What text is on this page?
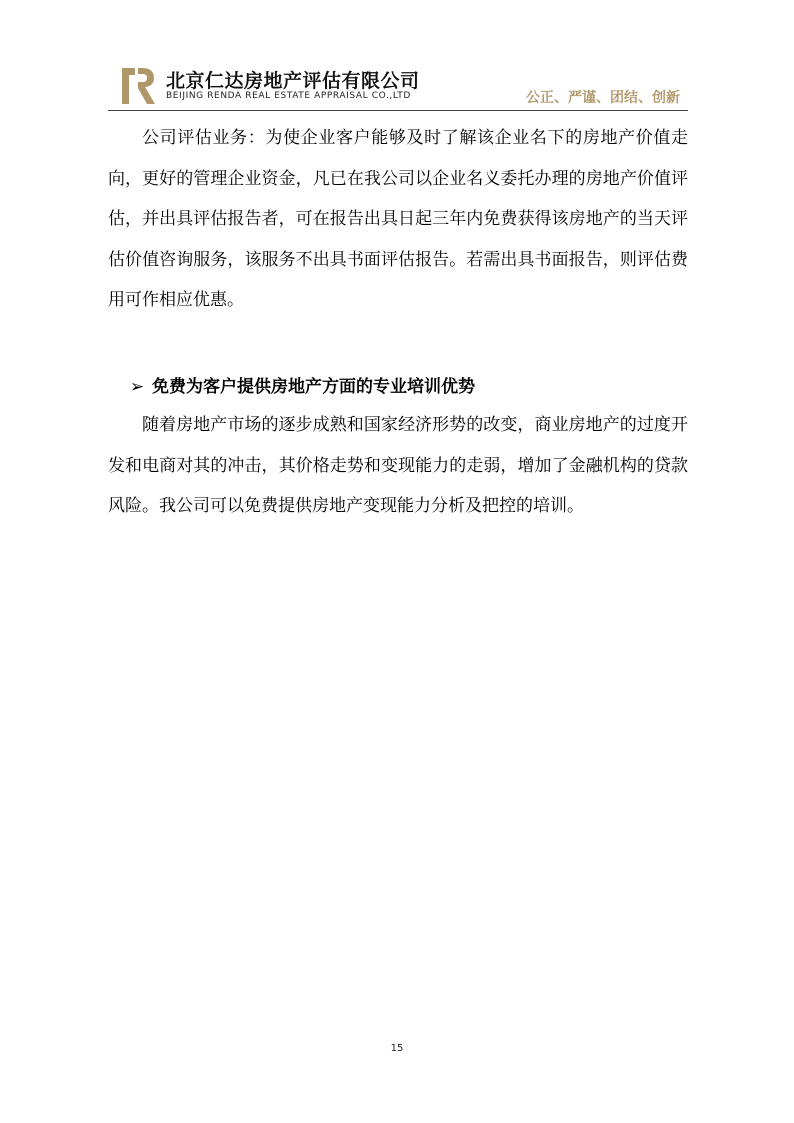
北京仁达房地产评估有限公司
BEIJING RENDA REAL ESTATE APPRAISAL CO.,LTD	公正、严谨、团结、创新

公司评估业务：为使企业客户能够及时了解该企业名下的房地产价值走向，更好的管理企业资金，凡已在我公司以企业名义委托办理的房地产价值评估，并出具评估报告者，可在报告出具日起三年内免费获得该房地产的当天评估价值咨询服务，该服务不出具书面评估报告。若需出具书面报告，则评估费用可作相应优惠。

➢ 免费为客户提供房地产方面的专业培训优势

随着房地产市场的逐步成熟和国家经济形势的改变，商业房地产的过度开发和电商对其的冲击，其价格走势和变现能力的走弱，增加了金融机构的贷款风险。我公司可以免费提供房地产变现能力分析及把控的培训。

15
